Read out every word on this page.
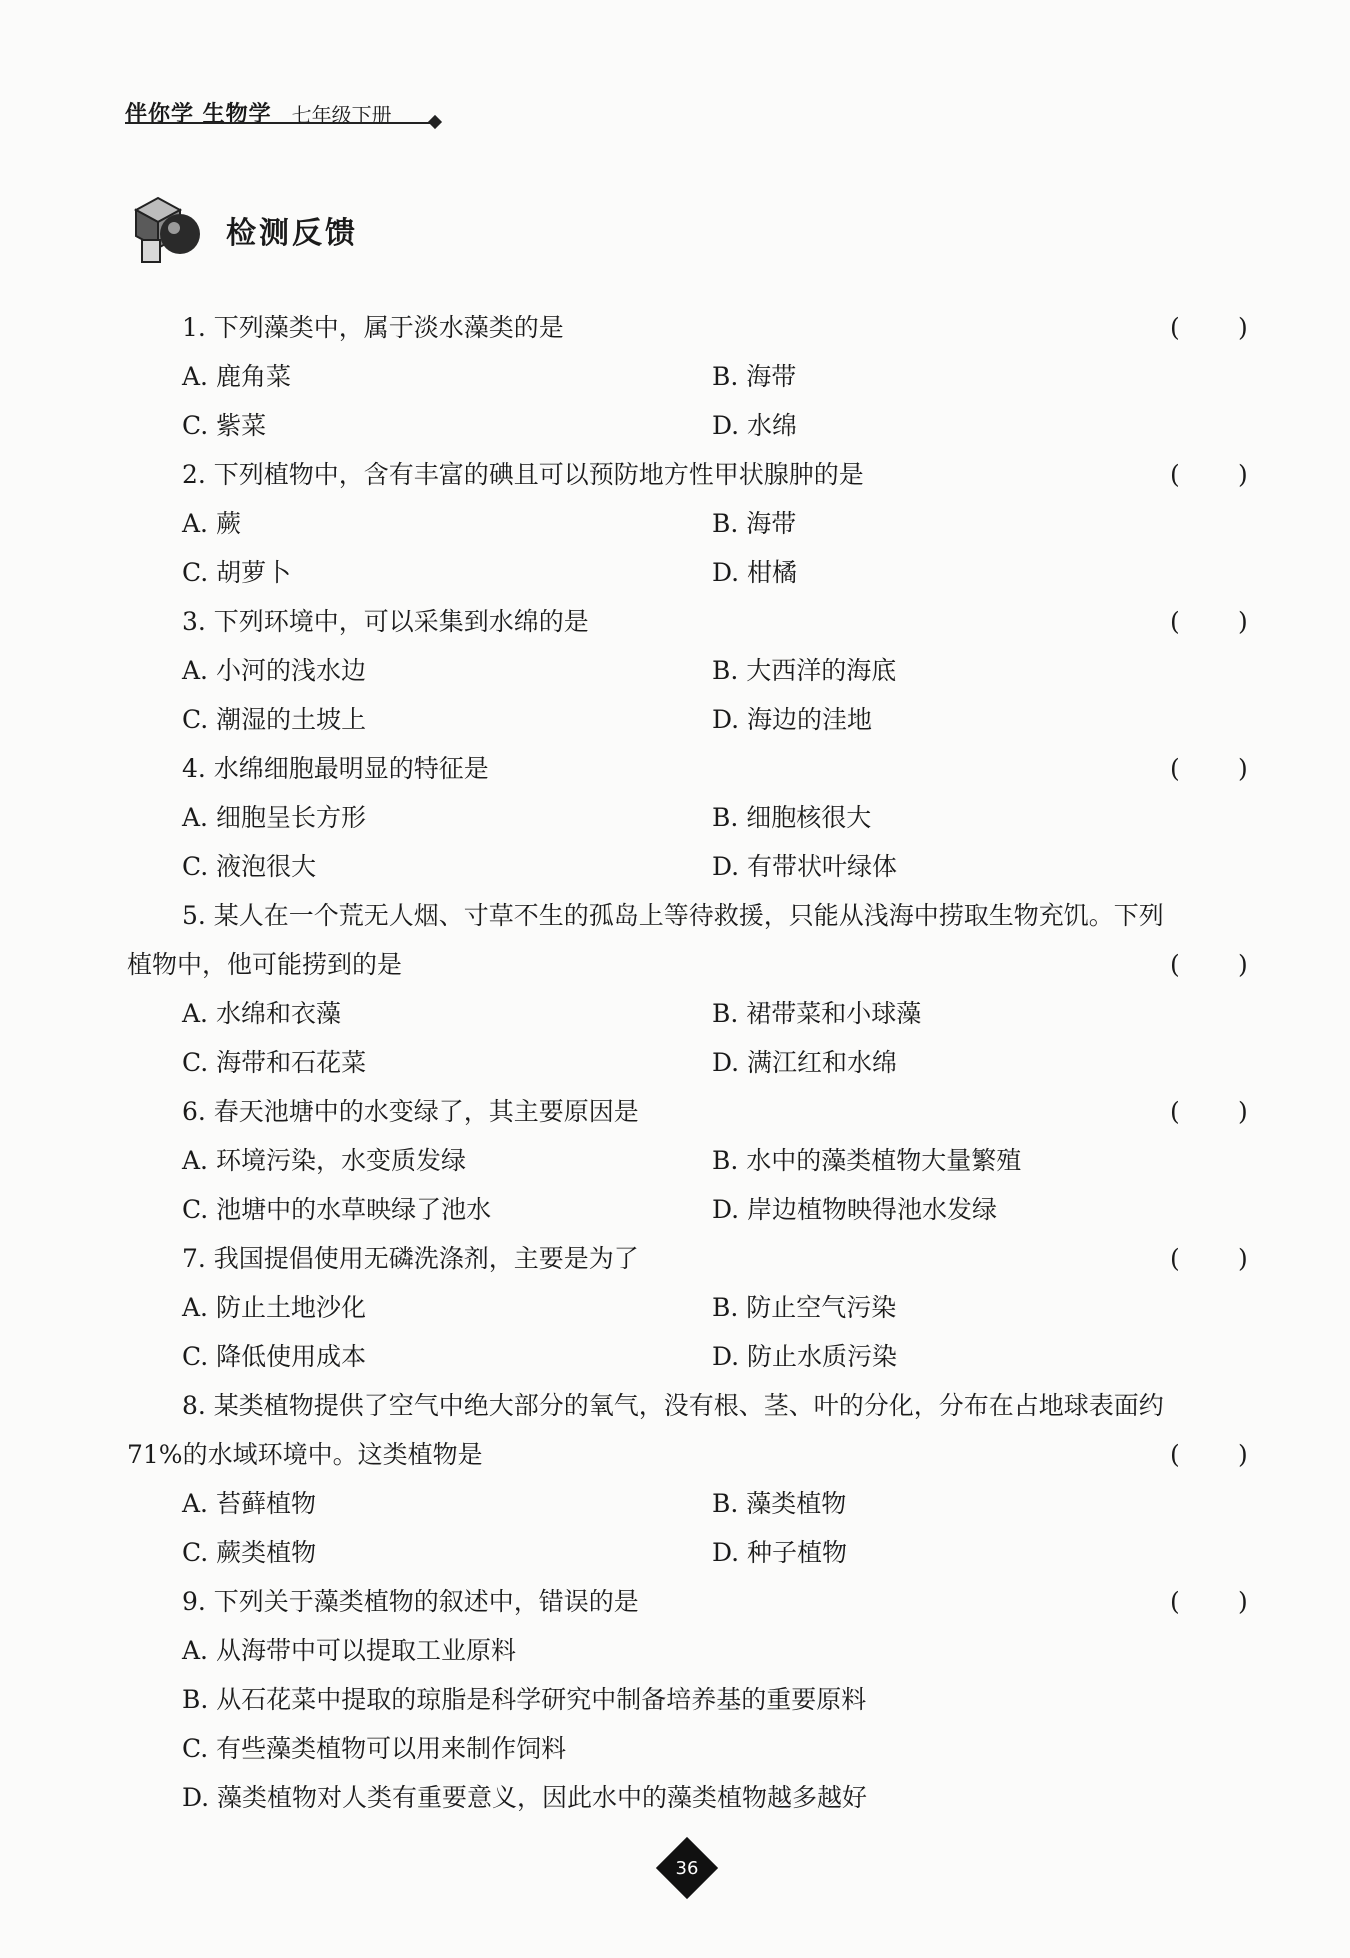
伴你学 生物学 七年级下册
检测反馈
1. 下列藻类中，属于淡水藻类的是	( )
A. 鹿角菜	B. 海带
C. 紫菜	D. 水绵
2. 下列植物中，含有丰富的碘且可以预防地方性甲状腺肿的是	( )
A. 蕨	B. 海带
C. 胡萝卜	D. 柑橘
3. 下列环境中，可以采集到水绵的是	( )
A. 小河的浅水边	B. 大西洋的海底
C. 潮湿的土坡上	D. 海边的洼地
4. 水绵细胞最明显的特征是	( )
A. 细胞呈长方形	B. 细胞核很大
C. 液泡很大	D. 有带状叶绿体
5. 某人在一个荒无人烟、寸草不生的孤岛上等待救援，只能从浅海中捞取生物充饥。下列
植物中，他可能捞到的是	( )
A. 水绵和衣藻	B. 裙带菜和小球藻
C. 海带和石花菜	D. 满江红和水绵
6. 春天池塘中的水变绿了，其主要原因是	( )
A. 环境污染，水变质发绿	B. 水中的藻类植物大量繁殖
C. 池塘中的水草映绿了池水	D. 岸边植物映得池水发绿
7. 我国提倡使用无磷洗涤剂，主要是为了	( )
A. 防止土地沙化	B. 防止空气污染
C. 降低使用成本	D. 防止水质污染
8. 某类植物提供了空气中绝大部分的氧气，没有根、茎、叶的分化，分布在占地球表面约
71%的水域环境中。这类植物是	( )
A. 苔藓植物	B. 藻类植物
C. 蕨类植物	D. 种子植物
9. 下列关于藻类植物的叙述中，错误的是	( )
A. 从海带中可以提取工业原料
B. 从石花菜中提取的琼脂是科学研究中制备培养基的重要原料
C. 有些藻类植物可以用来制作饲料
D. 藻类植物对人类有重要意义，因此水中的藻类植物越多越好
36
